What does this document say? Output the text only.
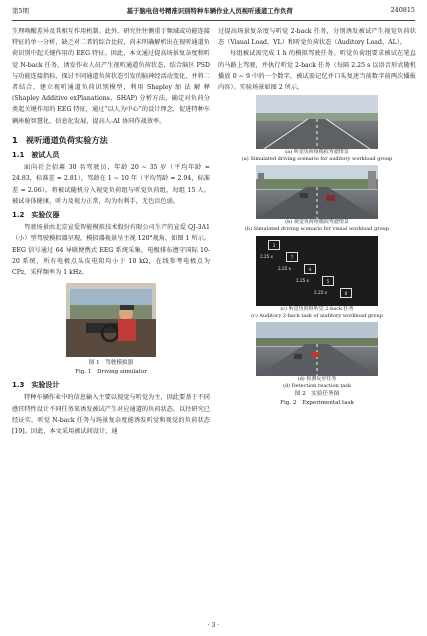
第5期	基于脑电信号精准识别特种车辆作业人员视听通道工作负荷	240815

生理唤醒差异及其相互作用机制。此外，研究往往侧重于频域或功能连接特征的单一分析，缺乏对二者的综合比较，尚未明确解析出在视听通道负荷识别中起关键作用的 EEG 特征。因此，本文通过提高场景复杂度和听觉 N-back 任务，诱发作业人员产生视听通道负荷状态，结合脑区 PSD 与功能连接指标，探讨不同通道负荷状态引发的脑神经活动变化，并将二者结合，建立视听通道负荷识别模型，利用 Shapley 加 法 解 释 (Shapley Additive exPlanations，SHAP) 分析方法，确定对负荷分类起关键作用的 EEG 特征，通过“以人为中心”的设计理念，促进特种车辆座舱智慧化、信息化发展，提高人-AI 协同作战效率。

1　视听通道负荷实验方法
1.1　被试人员

面向社会招募 30 名驾驶员，年龄 20 ~ 35 岁（平均年龄 = 24.83，标准差 = 2.81），驾龄在 1 ~ 10 年（平均驾龄 = 2.94，标准差 = 2.06）。将被试随机分入视觉负荷组与听觉负荷组，每组 15 人。被试身体健康，听力及视力正常，均为右利手，无色盲色弱。

1.2　实验仪器

驾驶场景由北京宣爱智能模拟技术股份有限公司生产的宣爱 QJ-3A1（小）型驾驶模拟器呈现，模拟器视景呈主视 120°视角，如图 1 所示。EEG 信号通过 64 导联便携式 EEG 系统采集，电极排布遵守国际 10-20 系统，所有电极点头皮电阻均小于 10 kΩ，在线参考电极点为 CPz，采样频率为 1 kHz。

图 1　驾驶模拟器
Fig. 1　Driving simulator
1.3　实验设计

特种车辆作业中的信息输入主要以视觉与听觉为主，因此要基于不同感官特性设计不同任务来诱发被试产生对应通道的负荷状态。以往研究已经证实，听觉 N-back 任务与场景复杂度能诱发听觉和视觉的负荷状态[19]。因此，本文采用被试间设计，通

过提高场景复杂度与听觉 2-back 任务，分别诱发被试产生视觉负荷状态（Visual Load，VL）和听觉负荷状态（Auditory Load，AL）。

每组被试需完成 1 h 的模拟驾驶任务。听觉负荷组要求被试在笔直的马路上驾驶，并执行听觉 2-back 任务（每隔 2.25 s 以语音形式随机播放 0 ~ 9 中的一个数字，被试需记忆并口头复述当前数字前两次播报内容）。实验场景如图 2 所示。

(a) 听觉负荷组模拟驾驶情景
(a) Simulated driving scenario for auditory workload group
(b) 视觉负荷组模拟驾驶情景
(b) Simulated driving scenario for visual workload group
3
7
4
5
8
2.25 s
2.25 s
2.25 s
2.25 s
(c) 听觉负荷组听觉 2-back 任务
(c) Auditory 2-back task of auditory workload group
(d) 检测反应任务
(d) Detection reaction task
图 2　实验任务图
Fig. 2　Experimental task
· 3 ·
